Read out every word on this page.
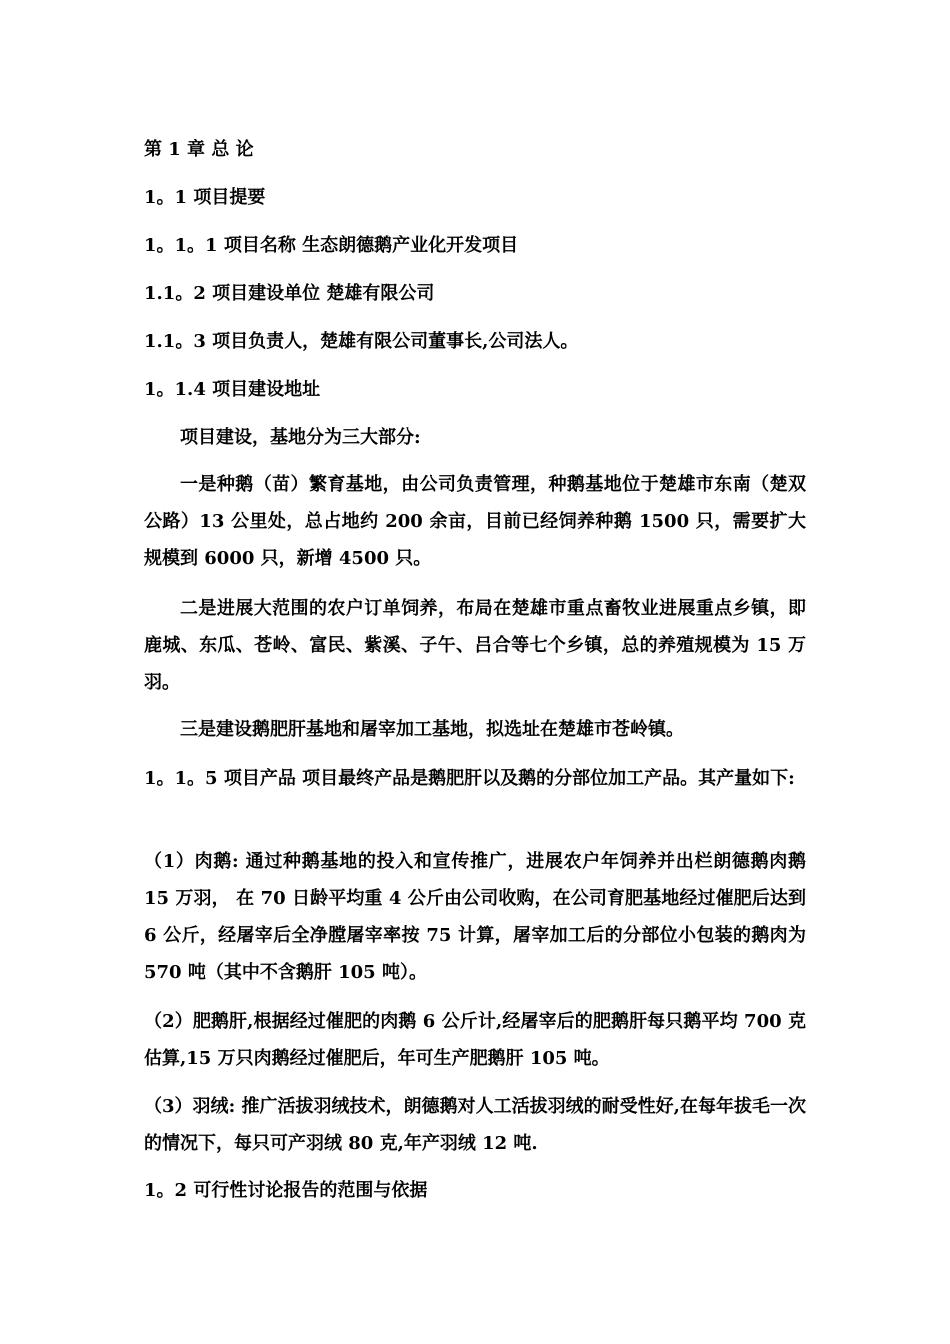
第 1 章 总 论
1。1 项目提要
1。1。1 项目名称 生态朗德鹅产业化开发项目
1.1。2 项目建设单位 楚雄有限公司
1.1。3 项目负责人，楚雄有限公司董事长,公司法人。
1。1.4 项目建设地址
项目建设，基地分为三大部分:
一是种鹅（苗）繁育基地，由公司负责管理，种鹅基地位于楚雄市东南（楚双公路）13 公里处，总占地约 200 余亩，目前已经饲养种鹅 1500 只，需要扩大规模到 6000 只，新增 4500 只。
二是进展大范围的农户订单饲养，布局在楚雄市重点畜牧业进展重点乡镇，即鹿城、东瓜、苍岭、富民、紫溪、子午、吕合等七个乡镇，总的养殖规模为 15 万羽。
三是建设鹅肥肝基地和屠宰加工基地，拟选址在楚雄市苍岭镇。
1。1。5 项目产品 项目最终产品是鹅肥肝以及鹅的分部位加工产品。其产量如下:
（1）肉鹅: 通过种鹅基地的投入和宣传推广，进展农户年饲养并出栏朗德鹅肉鹅 15 万羽， 在 70 日龄平均重 4 公斤由公司收购，在公司育肥基地经过催肥后达到 6 公斤，经屠宰后全净膛屠宰率按 75 计算，屠宰加工后的分部位小包装的鹅肉为 570 吨（其中不含鹅肝 105 吨）。
（2）肥鹅肝,根据经过催肥的肉鹅 6 公斤计,经屠宰后的肥鹅肝每只鹅平均 700 克估算,15 万只肉鹅经过催肥后，年可生产肥鹅肝 105 吨。
（3）羽绒: 推广活拔羽绒技术，朗德鹅对人工活拔羽绒的耐受性好,在每年拔毛一次的情况下，每只可产羽绒 80 克,年产羽绒 12 吨.
1。2 可行性讨论报告的范围与依据
